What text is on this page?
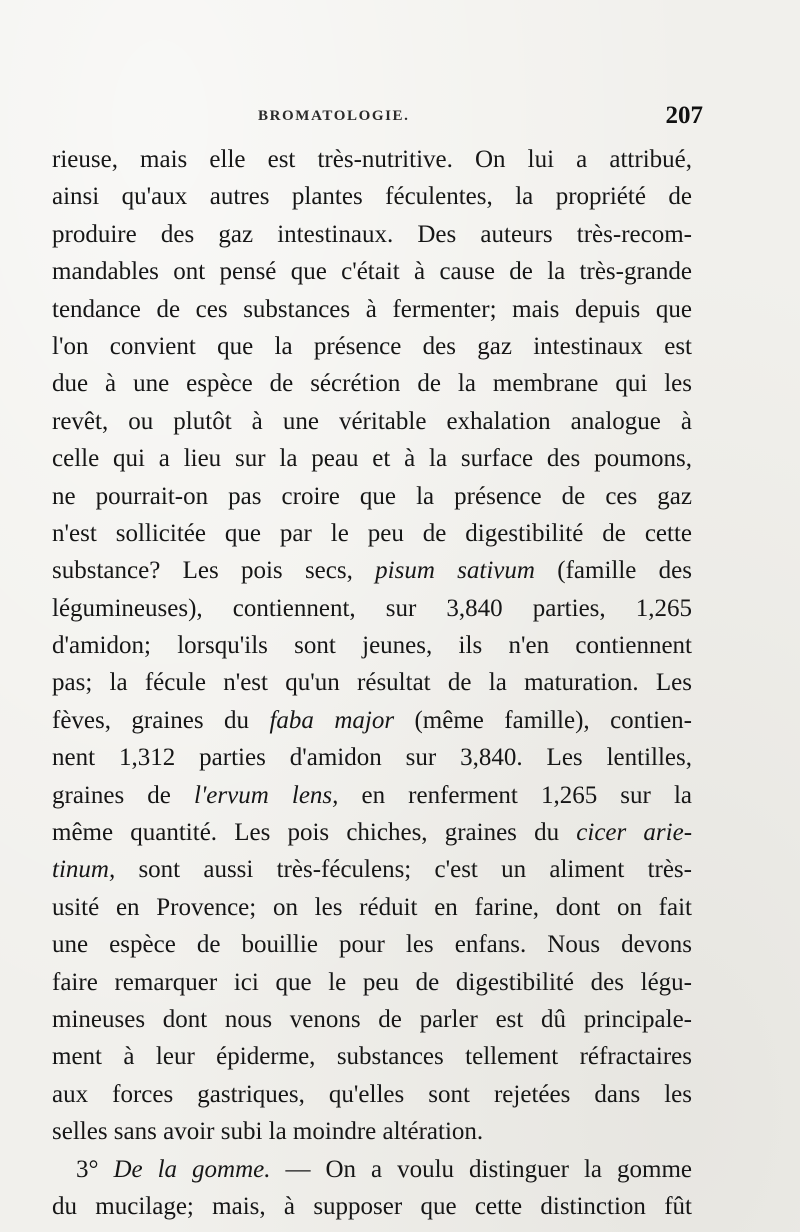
BROMATOLOGIE.	207
rieuse, mais elle est très-nutritive. On lui a attribué,
ainsi qu'aux autres plantes féculentes, la propriété de
produire des gaz intestinaux. Des auteurs très-recom-
mandables ont pensé que c'était à cause de la très-grande
tendance de ces substances à fermenter; mais depuis que
l'on convient que la présence des gaz intestinaux est
due à une espèce de sécrétion de la membrane qui les
revêt, ou plutôt à une véritable exhalation analogue à
celle qui a lieu sur la peau et à la surface des poumons,
ne pourrait-on pas croire que la présence de ces gaz
n'est sollicitée que par le peu de digestibilité de cette
substance? Les pois secs, pisum sativum (famille des
légumineuses), contiennent, sur 3,840 parties, 1,265
d'amidon; lorsqu'ils sont jeunes, ils n'en contiennent
pas; la fécule n'est qu'un résultat de la maturation. Les
fèves, graines du faba major (même famille), contien-
nent 1,312 parties d'amidon sur 3,840. Les lentilles,
graines de l'ervum lens, en renferment 1,265 sur la
même quantité. Les pois chiches, graines du cicer arie-
tinum, sont aussi très-féculens; c'est un aliment très-
usité en Provence; on les réduit en farine, dont on fait
une espèce de bouillie pour les enfans. Nous devons
faire remarquer ici que le peu de digestibilité des légu-
mineuses dont nous venons de parler est dû principale-
ment à leur épiderme, substances tellement réfractaires
aux forces gastriques, qu'elles sont rejetées dans les
selles sans avoir subi la moindre altération.
3° De la gomme. — On a voulu distinguer la gomme
du mucilage; mais, à supposer que cette distinction fût
